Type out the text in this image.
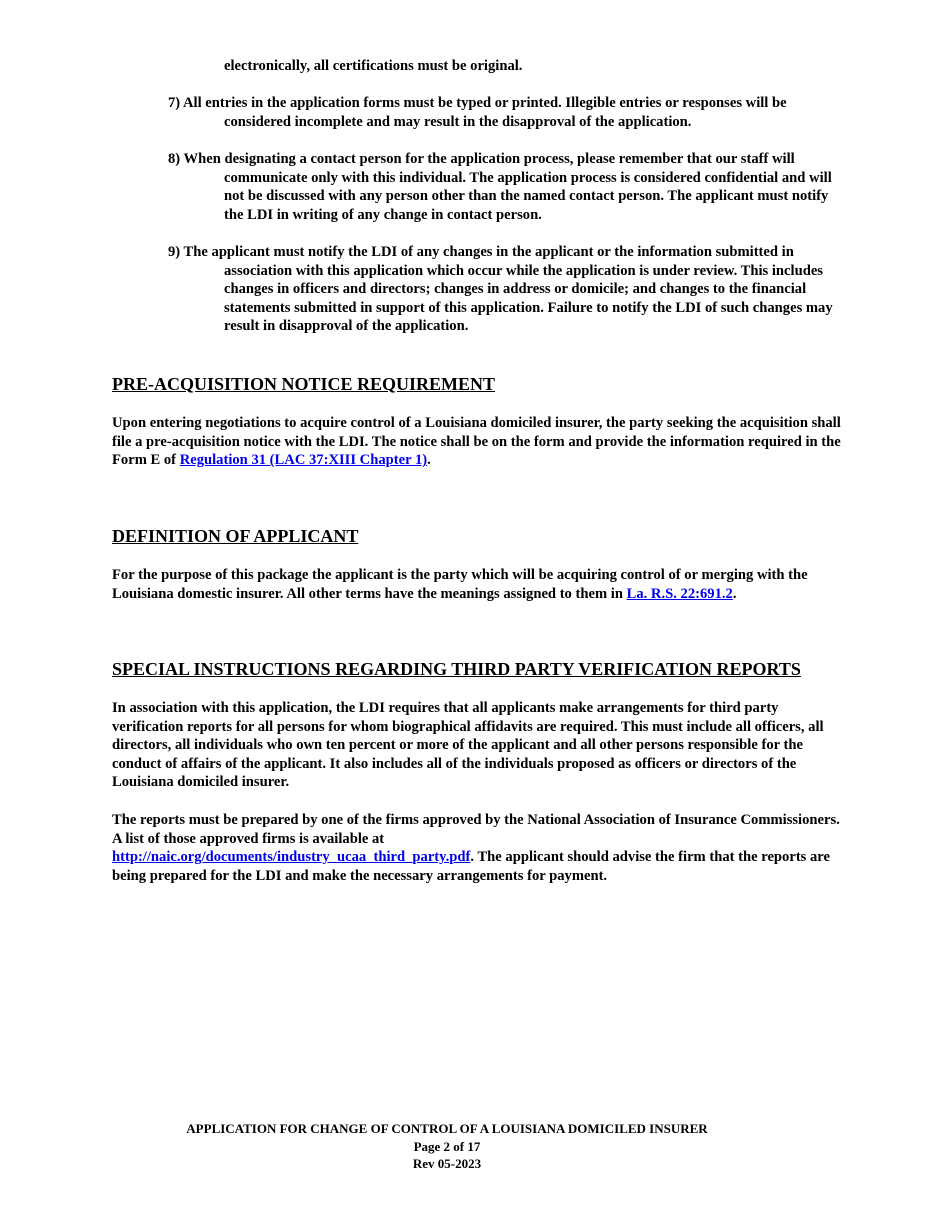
electronically, all certifications must be original.
7) All entries in the application forms must be typed or printed. Illegible entries or responses will be
considered incomplete and may result in the disapproval of the application.
8) When designating a contact person for the application process, please remember that our staff will
communicate only with this individual. The application process is considered confidential and will not be discussed with any person other than the named contact person. The applicant must notify the LDI in writing of any change in contact person.
9) The applicant must notify the LDI of any changes in the applicant or the information submitted in
association with this application which occur while the application is under review. This includes changes in officers and directors; changes in address or domicile; and changes to the financial statements submitted in support of this application. Failure to notify the LDI of such changes may result in disapproval of the application.
PRE-ACQUISITION NOTICE REQUIREMENT
Upon entering negotiations to acquire control of a Louisiana domiciled insurer, the party seeking the acquisition shall file a pre-acquisition notice with the LDI. The notice shall be on the form and provide the information required in the Form E of Regulation 31 (LAC 37:XIII Chapter 1).
DEFINITION OF APPLICANT
For the purpose of this package the applicant is the party which will be acquiring control of or merging with the Louisiana domestic insurer. All other terms have the meanings assigned to them in La. R.S. 22:691.2.
SPECIAL INSTRUCTIONS REGARDING THIRD PARTY VERIFICATION REPORTS
In association with this application, the LDI requires that all applicants make arrangements for third party verification reports for all persons for whom biographical affidavits are required. This must include all officers, all directors, all individuals who own ten percent or more of the applicant and all other persons responsible for the conduct of affairs of the applicant. It also includes all of the individuals proposed as officers or directors of the Louisiana domiciled insurer.
The reports must be prepared by one of the firms approved by the National Association of Insurance Commissioners. A list of those approved firms is available at
http://naic.org/documents/industry_ucaa_third_party.pdf. The applicant should advise the firm that the reports are being prepared for the LDI and make the necessary arrangements for payment.
APPLICATION FOR CHANGE OF CONTROL OF A LOUISIANA DOMICILED INSURER
Page 2 of 17
Rev 05-2023
